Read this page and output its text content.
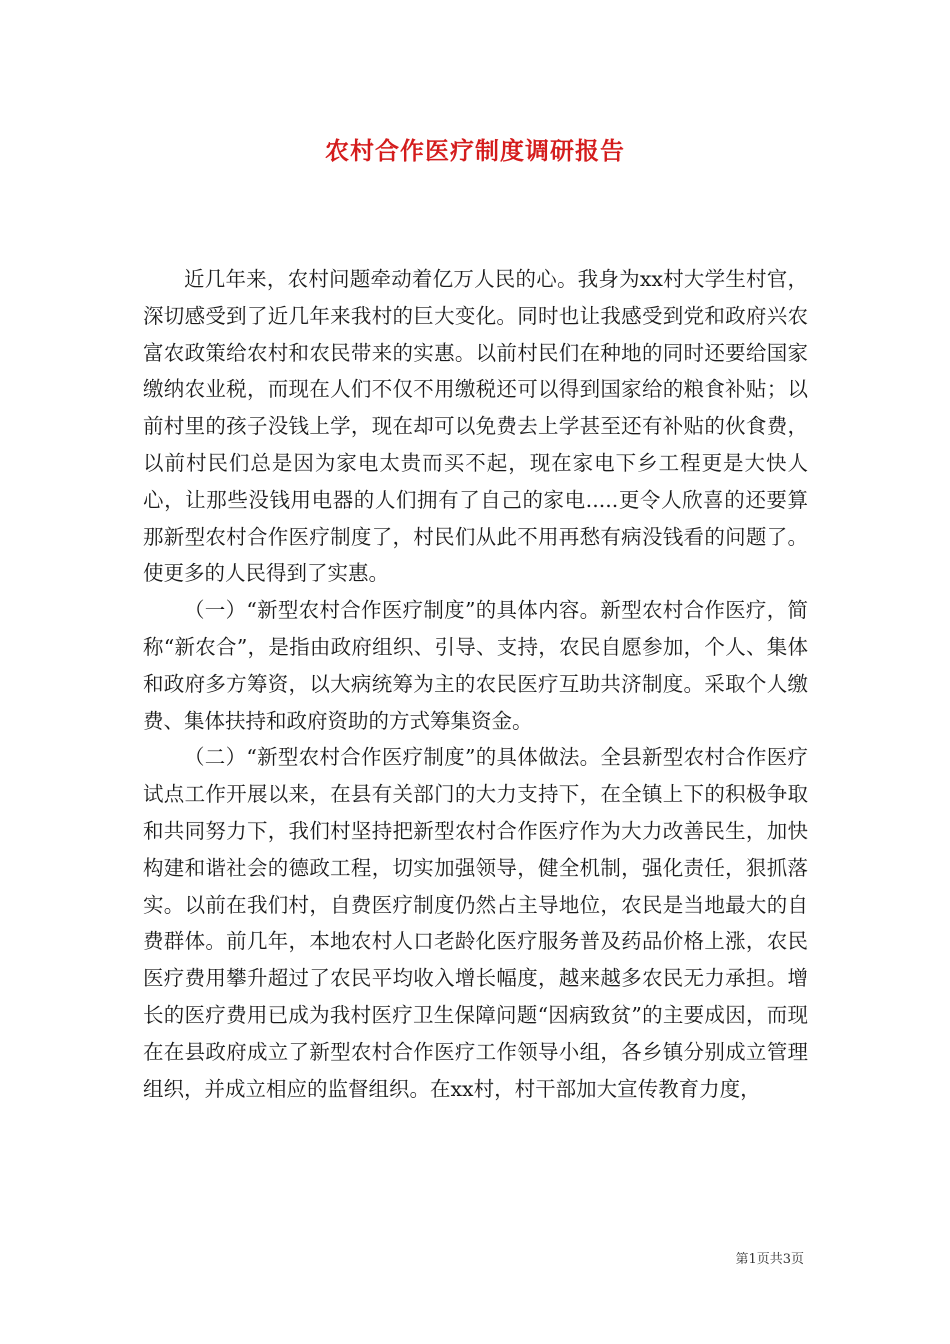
农村合作医疗制度调研报告

近几年来，农村问题牵动着亿万人民的心。我身为xx村大学生村官，深切感受到了近几年来我村的巨大变化。同时也让我感受到党和政府兴农富农政策给农村和农民带来的实惠。以前村民们在种地的同时还要给国家缴纳农业税，而现在人们不仅不用缴税还可以得到国家给的粮食补贴；以前村里的孩子没钱上学，现在却可以免费去上学甚至还有补贴的伙食费，以前村民们总是因为家电太贵而买不起，现在家电下乡工程更是大快人心，让那些没钱用电器的人们拥有了自己的家电.....更令人欣喜的还要算那新型农村合作医疗制度了，村民们从此不用再愁有病没钱看的问题了。使更多的人民得到了实惠。

（一）“新型农村合作医疗制度”的具体内容。新型农村合作医疗，简称“新农合”，是指由政府组织、引导、支持，农民自愿参加，个人、集体和政府多方筹资，以大病统筹为主的农民医疗互助共济制度。采取个人缴费、集体扶持和政府资助的方式筹集资金。

（二）“新型农村合作医疗制度”的具体做法。全县新型农村合作医疗试点工作开展以来，在县有关部门的大力支持下，在全镇上下的积极争取和共同努力下，我们村坚持把新型农村合作医疗作为大力改善民生，加快构建和谐社会的德政工程，切实加强领导，健全机制，强化责任，狠抓落实。以前在我们村，自费医疗制度仍然占主导地位，农民是当地最大的自费群体。前几年，本地农村人口老龄化医疗服务普及药品价格上涨，农民医疗费用攀升超过了农民平均收入增长幅度，越来越多农民无力承担。增长的医疗费用已成为我村医疗卫生保障问题“因病致贫”的主要成因，而现在在县政府成立了新型农村合作医疗工作领导小组，各乡镇分别成立管理组织，并成立相应的监督组织。在xx村，村干部加大宣传教育力度，

第1页共3页
